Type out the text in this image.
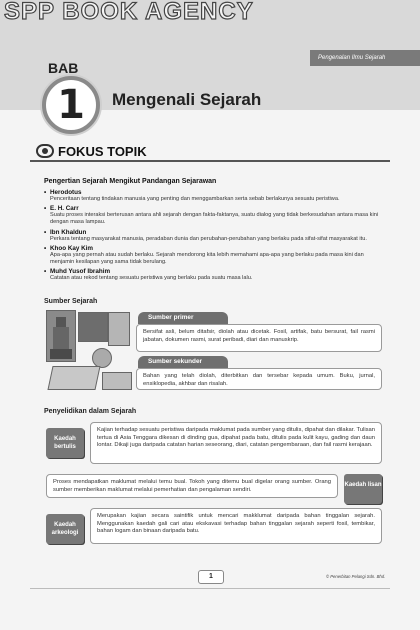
SPP BOOK AGENCY
Pengenalan Ilmu Sejarah
BAB
1	Mengenali Sejarah
FOKUS TOPIK
Pengertian Sejarah Mengikut Pandangan Sejarawan
• Herodotus
Penceritaan tentang tindakan manusia yang penting dan menggambarkan serta sebab berlakunya sesuatu peristiwa.
• E. H. Carr
Suatu proses interaksi berterusan antara ahli sejarah dengan fakta-faktanya, suatu dialog yang tidak berkesudahan antara masa kini dengan masa lampau.
• Ibn Khaldun
Perkara tentang masyarakat manusia, peradaban dunia dan perubahan-perubahan yang berlaku pada sifat-sifat masyarakat itu.
• Khoo Kay Kim
Apa-apa yang pernah atau sudah berlaku. Sejarah mendorong kita lebih memahami apa-apa yang berlaku pada masa kini dan menjamin kesilapan yang sama tidak berulang.
• Muhd Yusof Ibrahim
Catatan atau rekod tentang sesuatu peristiwa yang berlaku pada suatu masa lalu.
Sumber Sejarah
Sumber primer
Bersifat asli, belum ditafsir, diolah atau dicetak. Fosil, artifak, batu bersurat, fail rasmi jabatan, dokumen rasmi, surat peribadi, diari dan manuskrip.
Sumber sekunder
Bahan yang telah diolah, diterbitkan dan tersebar kepada umum. Buku, jurnal, ensiklopedia, akhbar dan risalah.
Penyelidikan dalam Sejarah
Kaedah bertulis
Kajian terhadap sesuatu peristiwa daripada maklumat pada sumber yang ditulis, dipahat dan dilakar. Tulisan tertua di Asia Tenggara dikesan di dinding gua, dipahat pada batu, ditulis pada kulit kayu, gading dan daun lontar. Dikaji juga daripada catatan harian seseorang, diari, catatan pengembaraan, dan fail rasmi kerajaan.
Proses mendapatkan maklumat melalui temu bual. Tokoh yang ditemu bual digelar orang sumber. Orang sumber memberikan maklumat melalui pemerhatian dan pengalaman sendiri.
Kaedah lisan
Kaedah arkeologi
Merupakan kajian secara saintifik untuk mencari makklumat daripada bahan tinggalan sejarah. Menggunakan kaedah gali cari atau ekskavasi terhadap bahan tinggalan sejarah seperti fosil, tembikar, bahan logam dan binaan daripada batu.
1	© Penerbitan Pelangi Sdn. Bhd.
